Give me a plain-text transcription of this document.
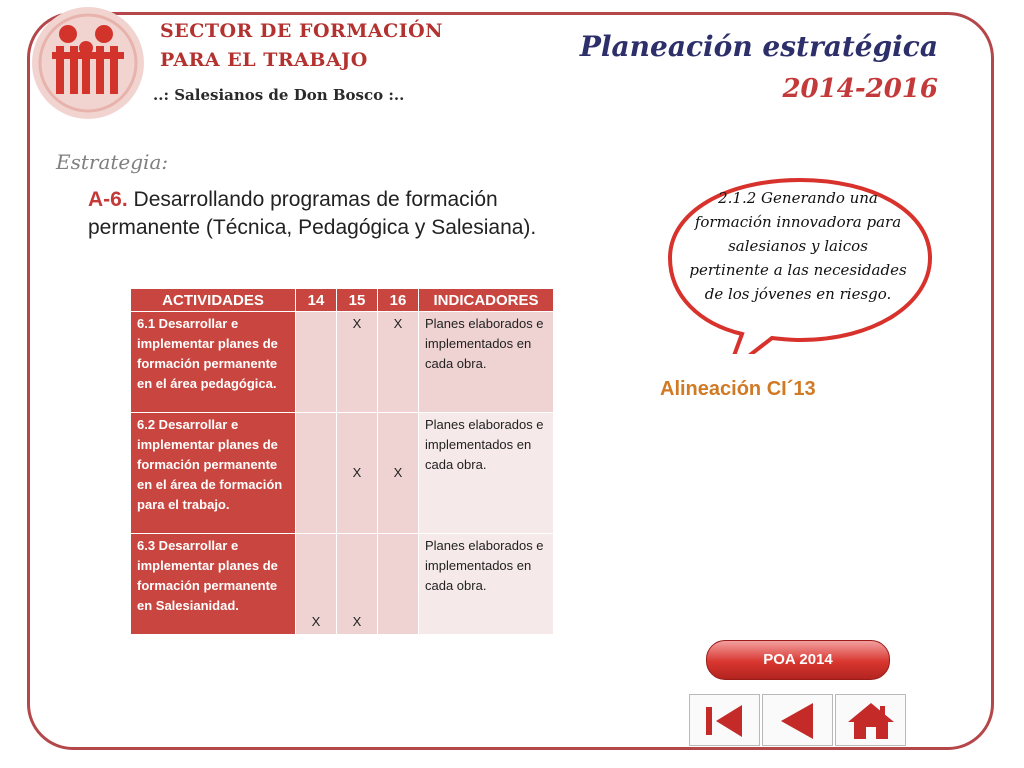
SECTOR DE FORMACIÓN
PARA EL TRABAJO
..: Salesianos de Don Bosco :..
Planeación estratégica
2014-2016
Estrategia:
A-6. Desarrollando programas de formación permanente (Técnica, Pedagógica y Salesiana).
ACTIVIDADES	14	15	16	INDICADORES
6.1 Desarrollar e implementar planes de formación permanente en el área pedagógica.		X	X	Planes elaborados e implementados en cada obra.
6.2 Desarrollar e implementar planes de formación permanente en el área de formación para el trabajo.		X	X	Planes elaborados e implementados en cada obra.
6.3 Desarrollar e implementar planes de formación permanente en Salesianidad.	X	X		Planes elaborados e implementados en cada obra.
2.1.2 Generando una formación innovadora para salesianos y laicos pertinente a las necesidades de los jóvenes en riesgo.
Alineación CI´13
POA 2014
